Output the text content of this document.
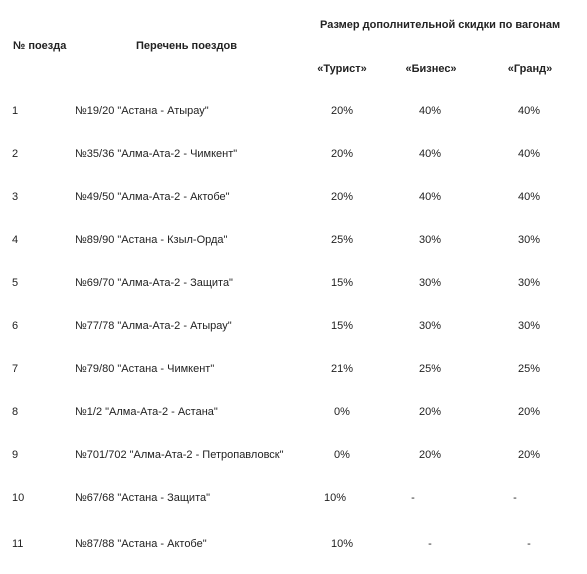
№ поезда	Перечень поездов
Размер дополнительной скидки по вагонам
«Турист»	«Бизнес»	«Гранд»
1	№19/20 "Астана - Атырау"	20%	40%	40%
2	№35/36 "Алма-Ата-2 - Чимкент"	20%	40%	40%
3	№49/50 "Алма-Ата-2 - Актобе"	20%	40%	40%
4	№89/90 "Астана - Кзыл-Орда"	25%	30%	30%
5	№69/70 "Алма-Ата-2 - Защита"	15%	30%	30%
6	№77/78 "Алма-Ата-2 - Атырау"	15%	30%	30%
7	№79/80 "Астана - Чимкент"	21%	25%	25%
8	№1/2 "Алма-Ата-2 - Астана"	0%	20%	20%
9	№701/702 "Алма-Ата-2 - Петропавловск"	0%	20%	20%
10	№67/68 "Астана - Защита"	10%	-	-
11	№87/88 "Астана - Актобе"	10%	-	-
